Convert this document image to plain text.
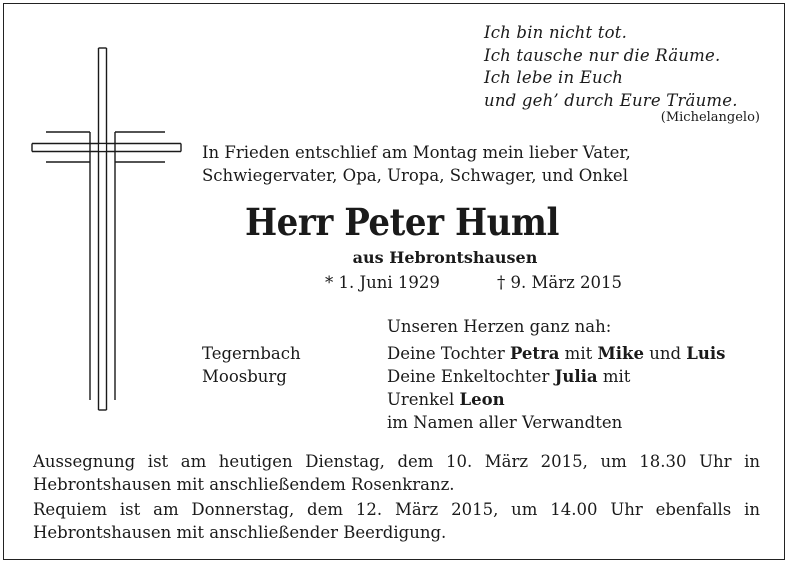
Ich bin nicht tot.
Ich tausche nur die Räume.
Ich lebe in Euch
und geh’ durch Eure Träume.
(Michelangelo)
In Frieden entschlief am Montag mein lieber Vater,
Schwiegervater, Opa, Uropa, Schwager, und Onkel
Herr Peter Huml
aus Hebrontshausen
* 1. Juni 1929	† 9. März 2015
Unseren Herzen ganz nah:
Tegernbach
Moosburg
Deine Tochter Petra mit Mike und Luis
Deine Enkeltochter Julia mit
Urenkel Leon
im Namen aller Verwandten
Aussegnung ist am heutigen Dienstag, dem 10. März 2015, um 18.30 Uhr in
Hebrontshausen mit anschließendem Rosenkranz.
Requiem ist am Donnerstag, dem 12. März 2015, um 14.00 Uhr ebenfalls in
Hebrontshausen mit anschließender Beerdigung.
